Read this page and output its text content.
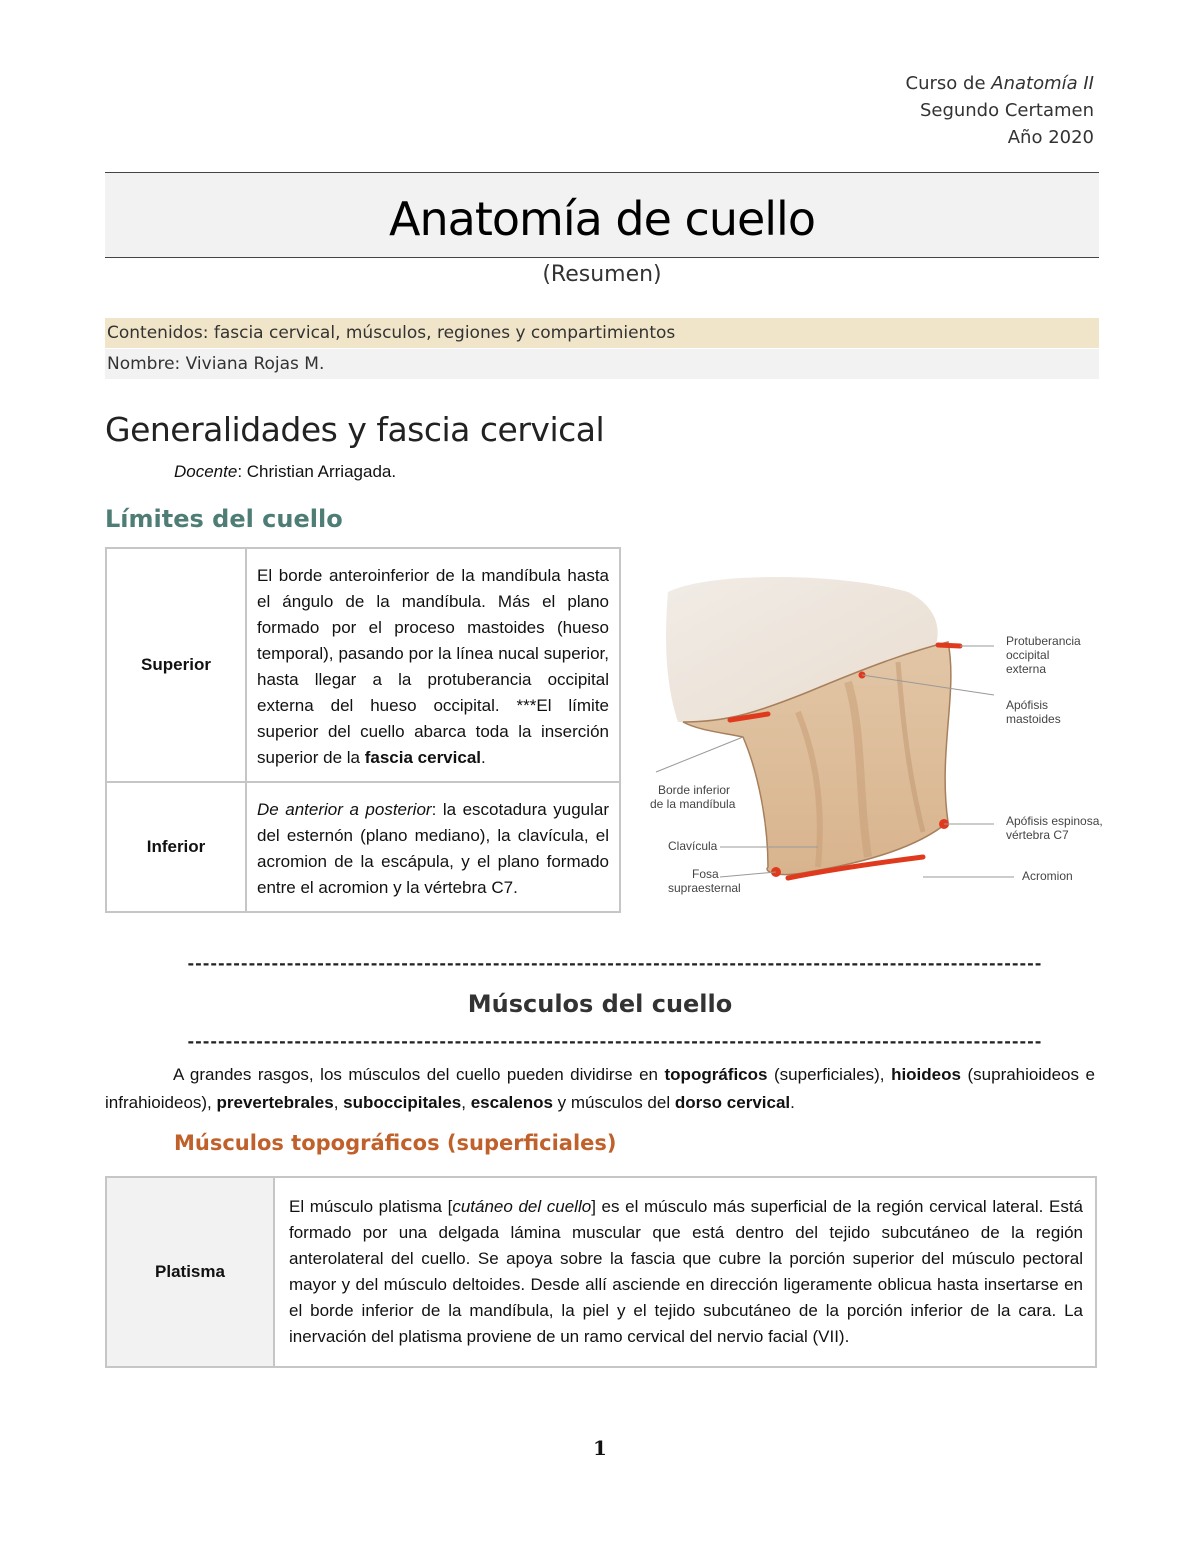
Curso de Anatomía II
Segundo Certamen
Año 2020
Anatomía de cuello
(Resumen)
Contenidos: fascia cervical, músculos, regiones y compartimientos
Nombre: Viviana Rojas M.
Generalidades y fascia cervical
Docente: Christian Arriagada.
Límites del cuello
Superior	El borde anteroinferior de la mandíbula hasta el ángulo de la mandíbula. Más el plano formado por el proceso mastoides (hueso temporal), pasando por la línea nucal superior, hasta llegar a la protuberancia occipital externa del hueso occipital. ***El límite superior del cuello abarca toda la inserción superior de la fascia cervical.
Inferior	De anterior a posterior: la escotadura yugular del esternón (plano mediano), la clavícula, el acromion de la escápula, y el plano formado entre el acromion y la vértebra C7.
Protuberancia
occipital
externa
Apófisis
mastoides
Borde inferior
de la mandíbula
Apófisis espinosa,
vértebra C7
Clavícula
Fosa
supraesternal
Acromion
----------------------------------------------------------------------------------------------------------------
Músculos del cuello
----------------------------------------------------------------------------------------------------------------

A grandes rasgos, los músculos del cuello pueden dividirse en topográficos (superficiales), hioideos (suprahioideos e infrahioideos), prevertebrales, suboccipitales, escalenos y músculos del dorso cervical.

Músculos topográficos (superficiales)
Platisma	El músculo platisma [cutáneo del cuello] es el músculo más superficial de la región cervical lateral. Está formado por una delgada lámina muscular que está dentro del tejido subcutáneo de la región anterolateral del cuello. Se apoya sobre la fascia que cubre la porción superior del músculo pectoral mayor y del músculo deltoides. Desde allí asciende en dirección ligeramente oblicua hasta insertarse en el borde inferior de la mandíbula, la piel y el tejido subcutáneo de la porción inferior de la cara. La inervación del platisma proviene de un ramo cervical del nervio facial (VII).
1
